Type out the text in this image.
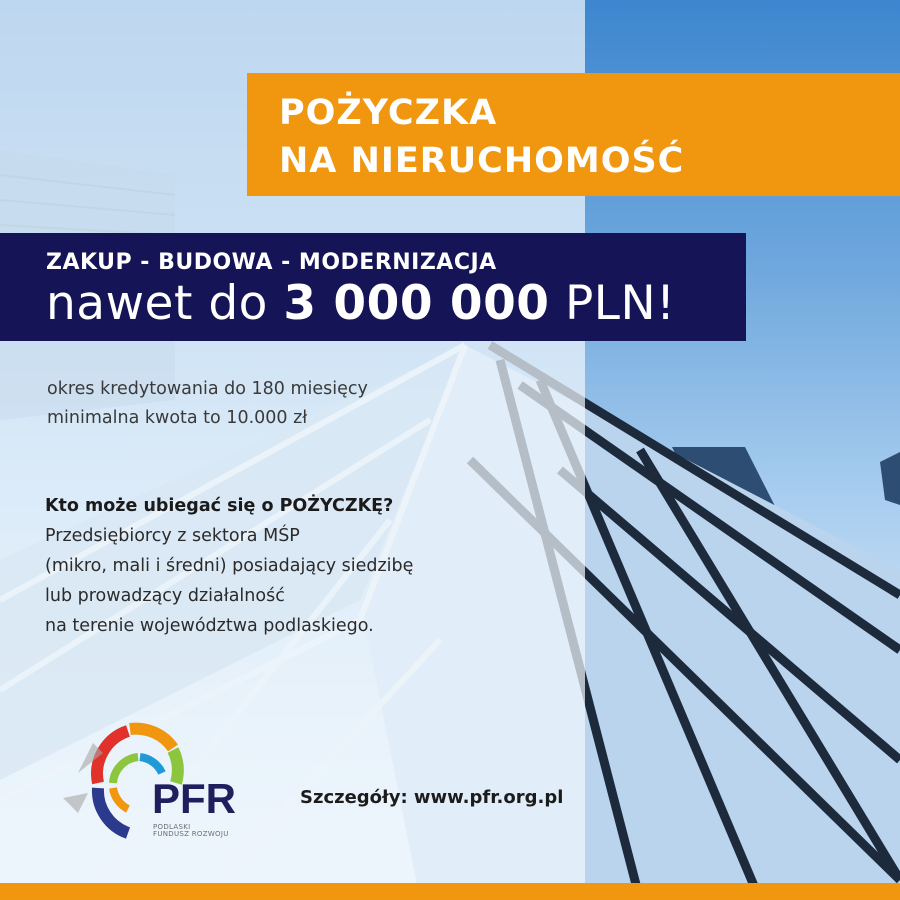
POŻYCZKA
NA NIERUCHOMOŚĆ
ZAKUP - BUDOWA - MODERNIZACJA
nawet do 3 000 000 PLN!
okres kredytowania do 180 miesięcy
minimalna kwota to 10.000 zł
Kto może ubiegać się o POŻYCZKĘ?
Przedsiębiorcy z sektora MŚP
(mikro, mali i średni) posiadający siedzibę
lub prowadzący działalność
na terenie województwa podlaskiego.
PFR
PODLASKI
FUNDUSZ ROZWOJU
Szczegóły: www.pfr.org.pl
